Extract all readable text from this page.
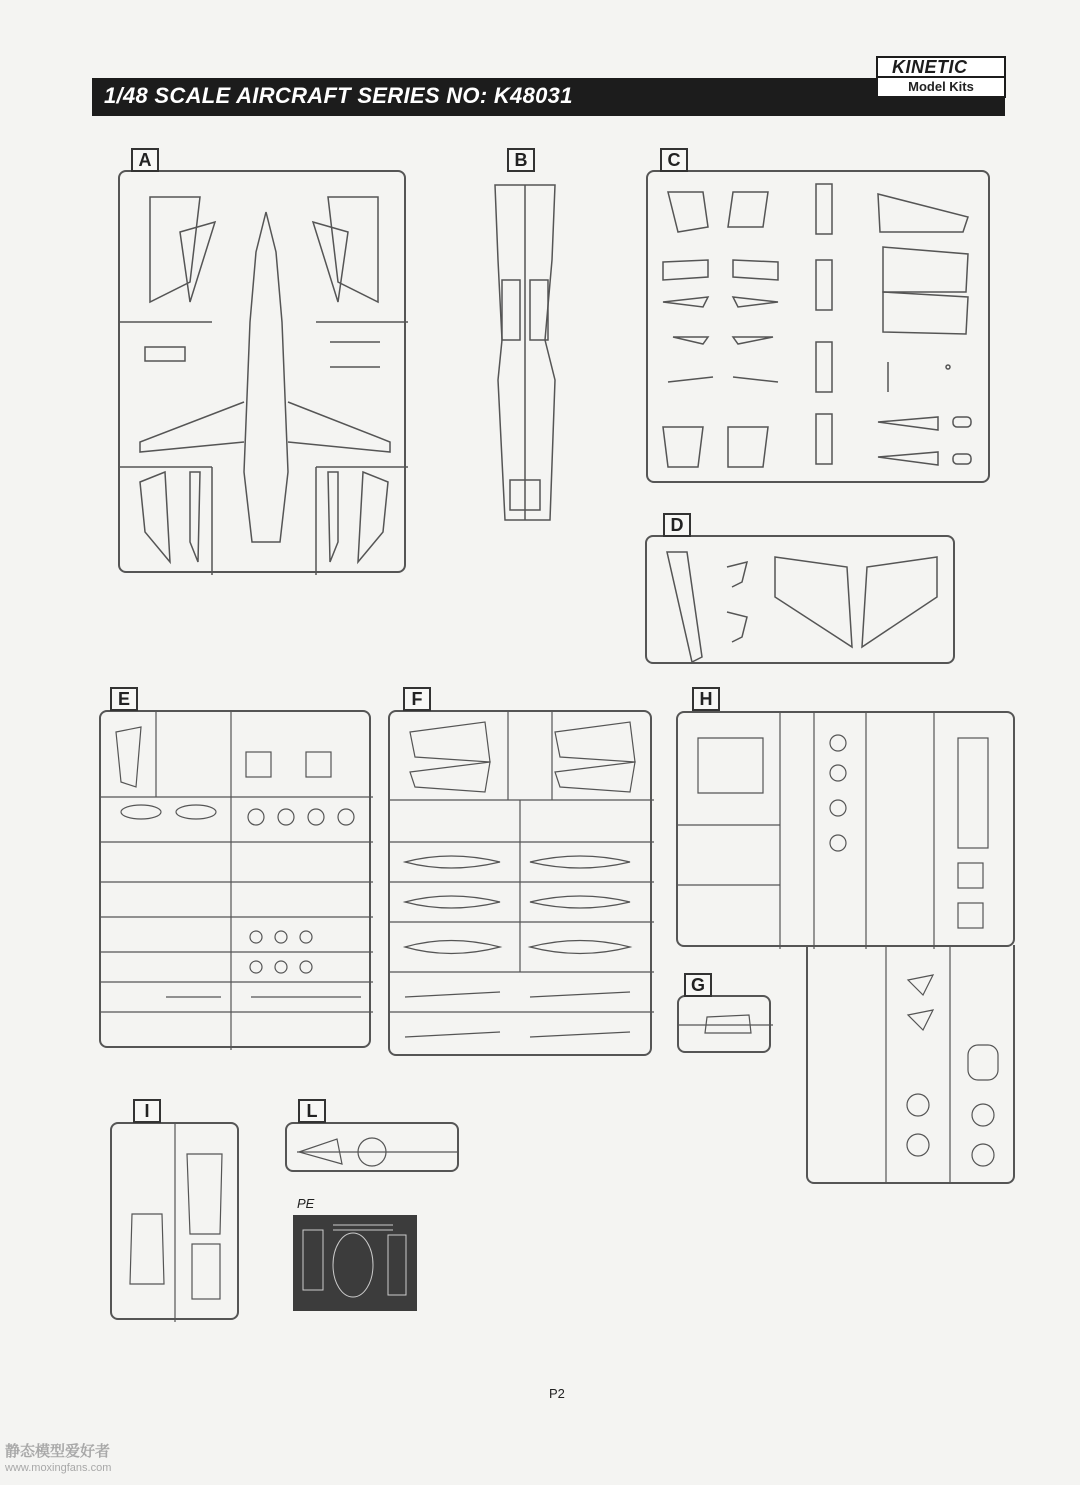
1/48 SCALE AIRCRAFT SERIES NO: K48031
KINETIC
Model Kits
A	B	C
D
E	F
G
H
I	L
PE
P2
静态模型爱好者
www.moxingfans.com
